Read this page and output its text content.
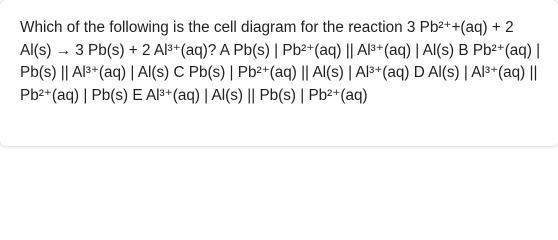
Which of the following is the cell diagram for the reaction 3 Pb²⁺+(aq) + 2 Al(s) → 3 Pb(s) + 2 Al³⁺(aq)? A Pb(s) | Pb²⁺(aq) || Al³⁺(aq) | Al(s) B Pb²⁺(aq) | Pb(s) || Al³⁺(aq) | Al(s) C Pb(s) | Pb²⁺(aq) || Al(s) | Al³⁺(aq) D Al(s) | Al³⁺(aq) || Pb²⁺(aq) | Pb(s) E Al³⁺(aq) | Al(s) || Pb(s) | Pb²⁺(aq)
